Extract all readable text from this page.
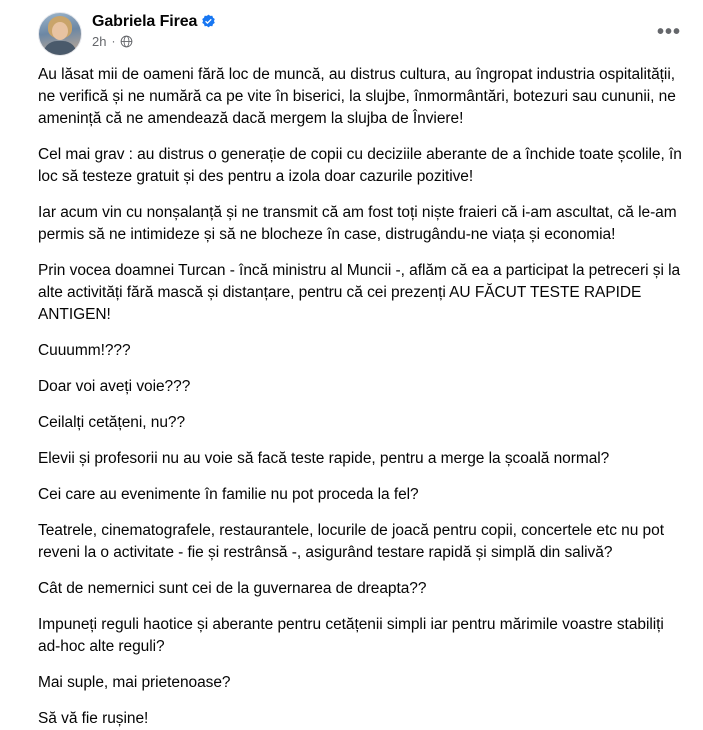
Gabriela Firea
2h ·	•••

Au lăsat mii de oameni fără loc de muncă, au distrus cultura, au îngropat industria ospitalității, ne verifică și ne numără ca pe vite în biserici, la slujbe, înmormântări, botezuri sau cununii, ne amenință că ne amendează dacă mergem la slujba de Înviere!

Cel mai grav : au distrus o generație de copii cu deciziile aberante de a închide toate școlile, în loc să testeze gratuit și des pentru a izola doar cazurile pozitive!

Iar acum vin cu nonșalanță și ne transmit că am fost toți niște fraieri că i-am ascultat, că le-am permis să ne intimideze și să ne blocheze în case, distrugându-ne viața și economia!

Prin vocea doamnei Turcan - încă ministru al Muncii -, aflăm că ea a participat la petreceri și la alte activități fără mască și distanțare, pentru că cei prezenți AU FĂCUT TESTE RAPIDE ANTIGEN!

Cuuumm!???

Doar voi aveți voie???

Ceilalți cetățeni, nu??

Elevii și profesorii nu au voie să facă teste rapide, pentru a merge la școală normal?

Cei care au evenimente în familie nu pot proceda la fel?

Teatrele, cinematografele, restaurantele, locurile de joacă pentru copii, concertele etc nu pot reveni la o activitate - fie și restrânsă -, asigurând testare rapidă și simplă din salivă?

Cât de nemernici sunt cei de la guvernarea de dreapta??

Impuneți reguli haotice și aberante pentru cetățenii simpli iar pentru mărimile voastre stabiliți ad-hoc alte reguli?

Mai suple, mai prietenoase?

Să vă fie rușine!
